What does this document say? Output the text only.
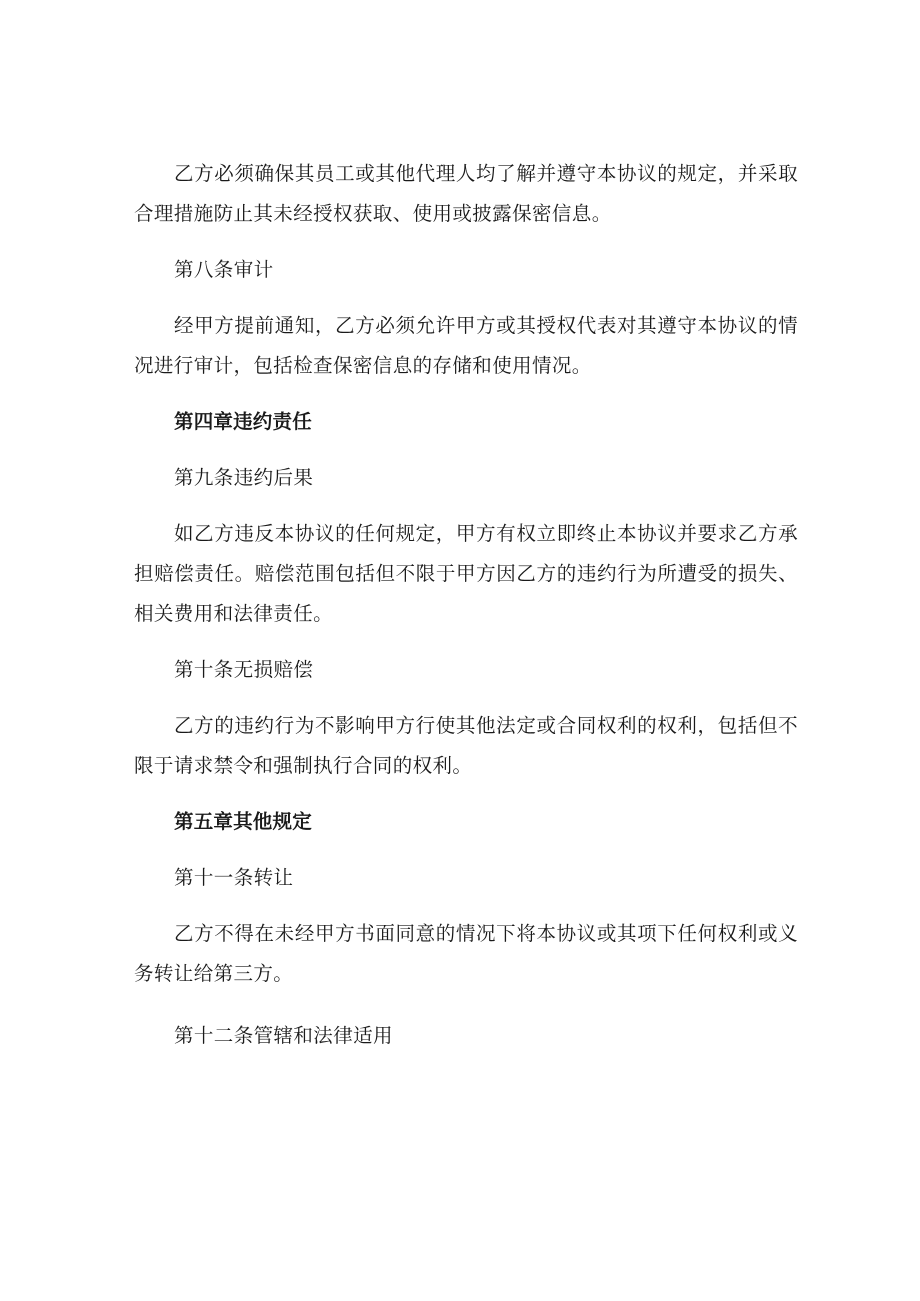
乙方必须确保其员工或其他代理人均了解并遵守本协议的规定，并采取合理措施防止其未经授权获取、使用或披露保密信息。

第八条审计

经甲方提前通知，乙方必须允许甲方或其授权代表对其遵守本协议的情况进行审计，包括检查保密信息的存储和使用情况。

第四章违约责任

第九条违约后果

如乙方违反本协议的任何规定，甲方有权立即终止本协议并要求乙方承担赔偿责任。赔偿范围包括但不限于甲方因乙方的违约行为所遭受的损失、相关费用和法律责任。

第十条无损赔偿

乙方的违约行为不影响甲方行使其他法定或合同权利的权利，包括但不限于请求禁令和强制执行合同的权利。

第五章其他规定

第十一条转让

乙方不得在未经甲方书面同意的情况下将本协议或其项下任何权利或义务转让给第三方。

第十二条管辖和法律适用
